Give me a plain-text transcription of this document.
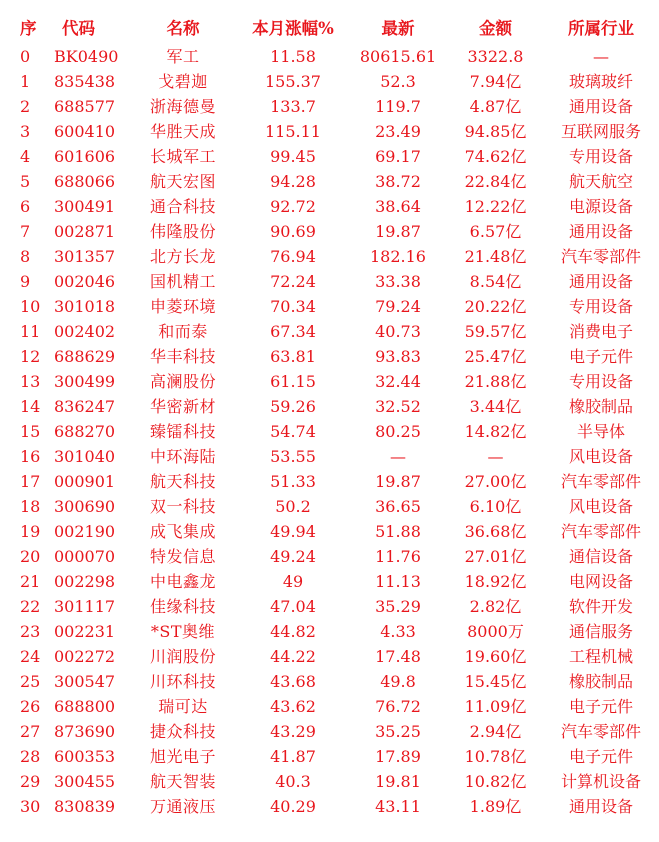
序	代码	名称	本月涨幅%	最新	金额	所属行业
0	BK0490	军工	11.58	80615.61	3322.8	—
1	835438	戈碧迦	155.37	52.3	7.94亿	玻璃玻纤
2	688577	浙海德曼	133.7	119.7	4.87亿	通用设备
3	600410	华胜天成	115.11	23.49	94.85亿	互联网服务
4	601606	长城军工	99.45	69.17	74.62亿	专用设备
5	688066	航天宏图	94.28	38.72	22.84亿	航天航空
6	300491	通合科技	92.72	38.64	12.22亿	电源设备
7	002871	伟隆股份	90.69	19.87	6.57亿	通用设备
8	301357	北方长龙	76.94	182.16	21.48亿	汽车零部件
9	002046	国机精工	72.24	33.38	8.54亿	通用设备
10	301018	申菱环境	70.34	79.24	20.22亿	专用设备
11	002402	和而泰	67.34	40.73	59.57亿	消费电子
12	688629	华丰科技	63.81	93.83	25.47亿	电子元件
13	300499	高澜股份	61.15	32.44	21.88亿	专用设备
14	836247	华密新材	59.26	32.52	3.44亿	橡胶制品
15	688270	臻镭科技	54.74	80.25	14.82亿	半导体
16	301040	中环海陆	53.55	—	—	风电设备
17	000901	航天科技	51.33	19.87	27.00亿	汽车零部件
18	300690	双一科技	50.2	36.65	6.10亿	风电设备
19	002190	成飞集成	49.94	51.88	36.68亿	汽车零部件
20	000070	特发信息	49.24	11.76	27.01亿	通信设备
21	002298	中电鑫龙	49	11.13	18.92亿	电网设备
22	301117	佳缘科技	47.04	35.29	2.82亿	软件开发
23	002231	*ST奥维	44.82	4.33	8000万	通信服务
24	002272	川润股份	44.22	17.48	19.60亿	工程机械
25	300547	川环科技	43.68	49.8	15.45亿	橡胶制品
26	688800	瑞可达	43.62	76.72	11.09亿	电子元件
27	873690	捷众科技	43.29	35.25	2.94亿	汽车零部件
28	600353	旭光电子	41.87	17.89	10.78亿	电子元件
29	300455	航天智装	40.3	19.81	10.82亿	计算机设备
30	830839	万通液压	40.29	43.11	1.89亿	通用设备
